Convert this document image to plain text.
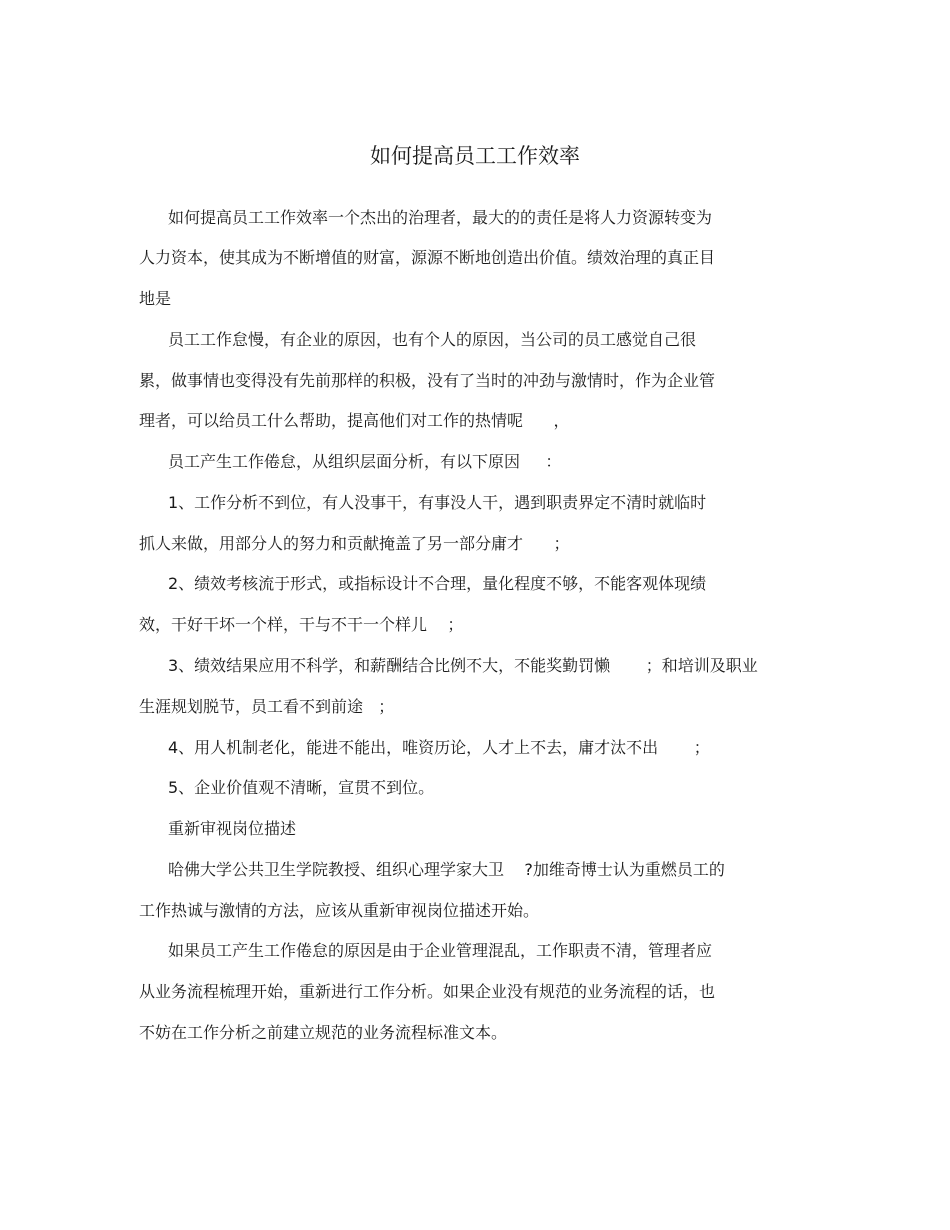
如何提高员工工作效率
如何提高员工工作效率一个杰出的治理者，最大的的责任是将人力资源转变为
人力资本，使其成为不断增值的财富，源源不断地创造出价值。绩效治理的真正目
地是
员工工作怠慢，有企业的原因，也有个人的原因，当公司的员工感觉自己很
累，做事情也变得没有先前那样的积极，没有了当时的冲劲与激情时，作为企业管
理者，可以给员工什么帮助，提高他们对工作的热情呢      ，
员工产生工作倦怠，从组织层面分析，有以下原因     ：
1、工作分析不到位，有人没事干，有事没人干，遇到职责界定不清时就临时
抓人来做，用部分人的努力和贡献掩盖了另一部分庸才      ；
2、绩效考核流于形式，或指标设计不合理，量化程度不够，不能客观体现绩
效，干好干坏一个样，干与不干一个样儿    ；
3、绩效结果应用不科学，和薪酬结合比例不大，不能奖勤罚懒       ；和培训及职业
生涯规划脱节，员工看不到前途   ；
4、用人机制老化，能进不能出，唯资历论，人才上不去，庸才汰不出       ；
5、企业价值观不清晰，宣贯不到位。
重新审视岗位描述
哈佛大学公共卫生学院教授、组织心理学家大卫    ?加维奇博士认为重燃员工的
工作热诚与激情的方法，应该从重新审视岗位描述开始。
如果员工产生工作倦怠的原因是由于企业管理混乱，工作职责不清，管理者应
从业务流程梳理开始，重新进行工作分析。如果企业没有规范的业务流程的话，也
不妨在工作分析之前建立规范的业务流程标准文本。
